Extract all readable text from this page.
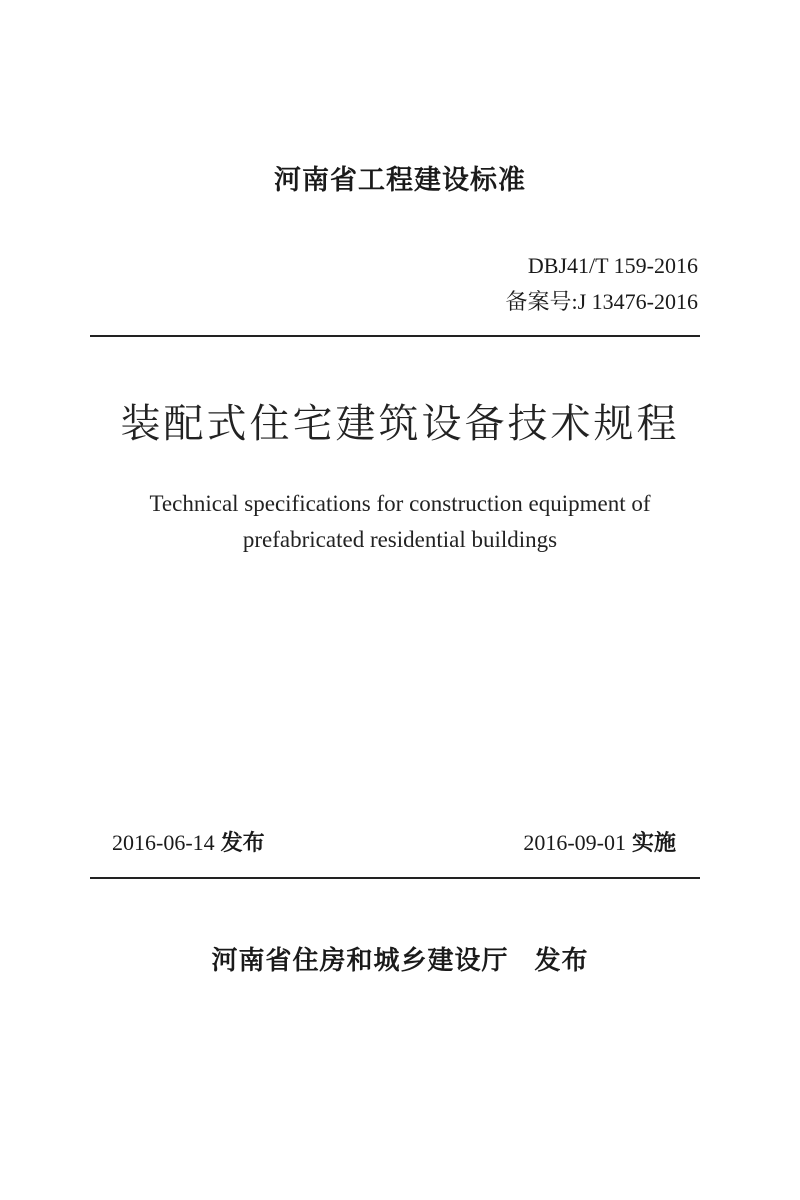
河南省工程建设标准
DBJ41/T 159-2016
备案号:J 13476-2016
装配式住宅建筑设备技术规程
Technical specifications for construction equipment of
prefabricated residential buildings
2016-06-14 发布	2016-09-01 实施
河南省住房和城乡建设厅 发布
